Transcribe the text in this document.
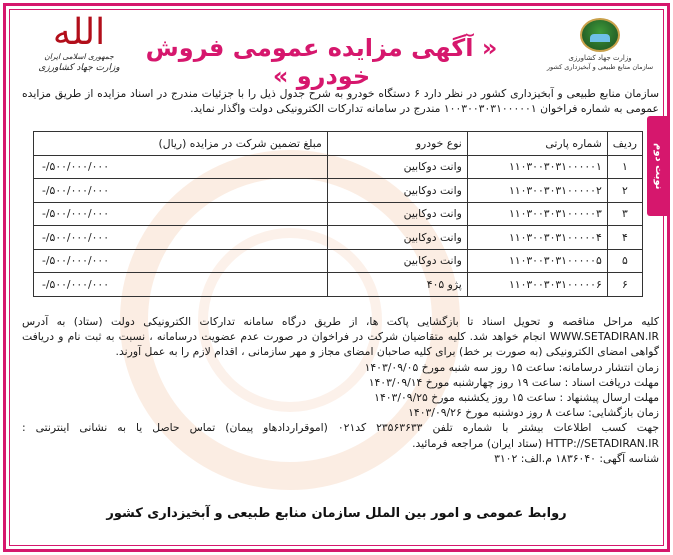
وزارت جهاد کشاورزی
سازمان منابع طبیعی و آبخیزداری کشور
« آگهی مزایده عمومی فروش خودرو »
الله
جمهوری اسلامی ایران
وزارت جهاد کشاورزی
نوبت دوم
سازمان منابع طبیعی و آبخیزداری کشور در نظر دارد ۶ دستگاه خودرو به شرح جدول ذیل را با جزئیات مندرج در اسناد مزایده از طریق مزایده عمومی به شماره فراخوان ۱۰۰۳۰۰۳۰۳۱۰۰۰۰۰۱ مندرج در سامانه تدارکات الکترونیکی دولت واگذار نماید.
ردیف	شماره پارتی	نوع خودرو	مبلغ تضمین شرکت در مزایده (ریال)
۱	۱۱۰۳۰۰۳۰۳۱۰۰۰۰۰۱	وانت دوکابین	-/۵۰۰/۰۰۰/۰۰۰
۲	۱۱۰۳۰۰۳۰۳۱۰۰۰۰۰۲	وانت دوکابین	-/۵۰۰/۰۰۰/۰۰۰
۳	۱۱۰۳۰۰۳۰۳۱۰۰۰۰۰۳	وانت دوکابین	-/۵۰۰/۰۰۰/۰۰۰
۴	۱۱۰۳۰۰۳۰۳۱۰۰۰۰۰۴	وانت دوکابین	-/۵۰۰/۰۰۰/۰۰۰
۵	۱۱۰۳۰۰۳۰۳۱۰۰۰۰۰۵	وانت دوکابین	-/۵۰۰/۰۰۰/۰۰۰
۶	۱۱۰۳۰۰۳۰۳۱۰۰۰۰۰۶	پژو ۴۰۵	-/۵۰۰/۰۰۰/۰۰۰

کلیه مراحل مناقصه و تحویل اسناد تا بازگشایی پاکت ها، از طریق درگاه سامانه تدارکات الکترونیکی دولت (ستاد) به آدرس WWW.SETADIRAN.IR انجام خواهد شد. کلیه متقاضیان شرکت در فراخوان در صورت عدم عضویت درسامانه ، نسبت به ثبت نام و دریافت گواهی امضای الکترونیکی (به صورت بر خط) برای کلیه صاحبان امضای مجاز و مهر سازمانی ، اقدام لازم را به عمل آورند.

زمان انتشار درسامانه: ساعت ۱۵ روز سه شنبه مورخ ۱۴۰۳/۰۹/۰۵

مهلت دریافت اسناد : ساعت ۱۹ روز چهارشنبه مورخ ۱۴۰۳/۰۹/۱۴

مهلت ارسال پیشنهاد : ساعت ۱۵ روز یکشنبه مورخ ۱۴۰۳/۰۹/۲۵

زمان بازگشایی: ساعت ۸ روز دوشنبه مورخ ۱۴۰۳/۰۹/۲۶

جهت کسب اطلاعات بیشتر با شماره تلفن ۲۳۵۶۳۶۳۳ کد۰۲۱ (اموقراردادهاو پیمان) تماس حاصل یا به نشانی اینترنتی : HTTP://SETADIRAN.IR (ستاد ایران) مراجعه فرمائید.

شناسه آگهی: ۱۸۳۶۰۴۰ م.الف: ۳۱۰۲

روابط عمومی و امور بین الملل سازمان منابع طبیعی و آبخیزداری کشور
